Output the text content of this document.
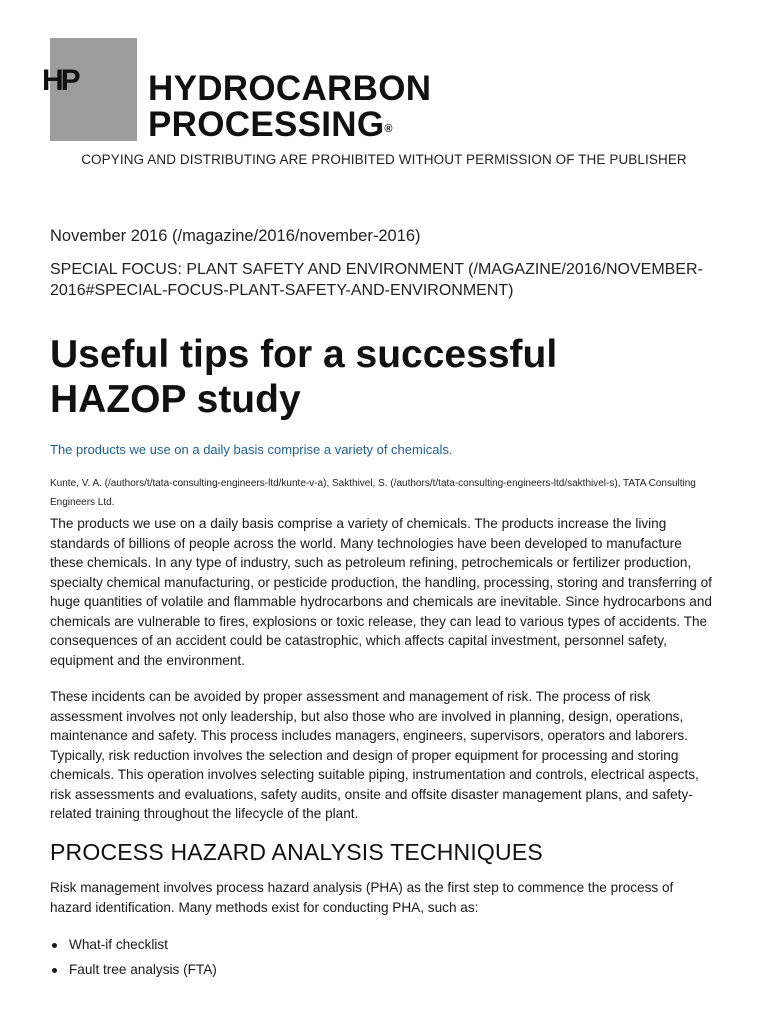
HP HYDROCARBON
PROCESSING®
COPYING AND DISTRIBUTING ARE PROHIBITED WITHOUT PERMISSION OF THE PUBLISHER
November 2016 (/magazine/2016/november-2016)
SPECIAL FOCUS: PLANT SAFETY AND ENVIRONMENT (/MAGAZINE/2016/NOVEMBER-2016#SPECIAL-FOCUS-PLANT-SAFETY-AND-ENVIRONMENT)
Useful tips for a successful HAZOP study
The products we use on a daily basis comprise a variety of chemicals.
Kunte, V. A. (/authors/t/tata-consulting-engineers-ltd/kunte-v-a), Sakthivel, S. (/authors/t/tata-consulting-engineers-ltd/sakthivel-s), TATA Consulting Engineers Ltd.
The products we use on a daily basis comprise a variety of chemicals. The products increase the living standards of billions of people across the world. Many technologies have been developed to manufacture these chemicals. In any type of industry, such as petroleum refining, petrochemicals or fertilizer production, specialty chemical manufacturing, or pesticide production, the handling, processing, storing and transferring of huge quantities of volatile and flammable hydrocarbons and chemicals are inevitable. Since hydrocarbons and chemicals are vulnerable to fires, explosions or toxic release, they can lead to various types of accidents. The consequences of an accident could be catastrophic, which affects capital investment, personnel safety, equipment and the environment.
These incidents can be avoided by proper assessment and management of risk. The process of risk assessment involves not only leadership, but also those who are involved in planning, design, operations, maintenance and safety. This process includes managers, engineers, supervisors, operators and laborers. Typically, risk reduction involves the selection and design of proper equipment for processing and storing chemicals. This operation involves selecting suitable piping, instrumentation and controls, electrical aspects, risk assessments and evaluations, safety audits, onsite and offsite disaster management plans, and safety-related training throughout the lifecycle of the plant.
PROCESS HAZARD ANALYSIS TECHNIQUES
Risk management involves process hazard analysis (PHA) as the first step to commence the process of hazard identification. Many methods exist for conducting PHA, such as:
What-if checklist
Fault tree analysis (FTA)
